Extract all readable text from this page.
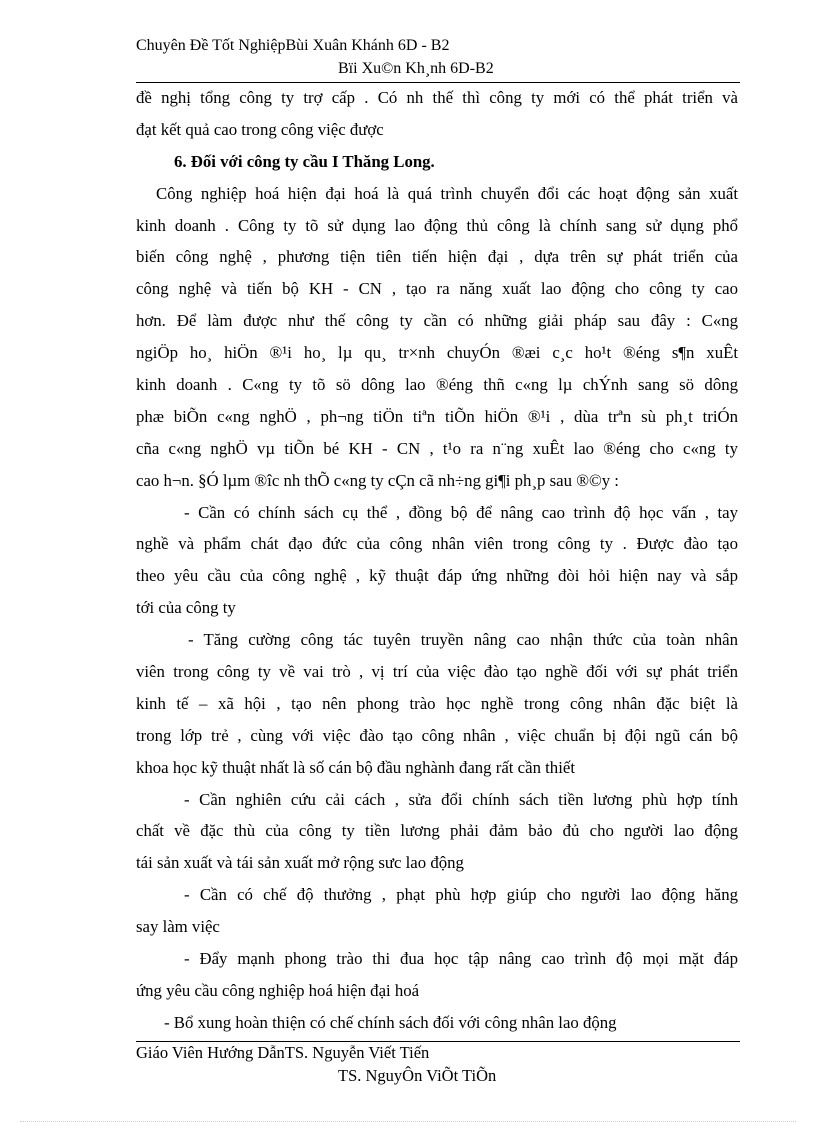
Chuyên Đề Tốt NghiệpBùi Xuân Khánh 6D - B2
Bïi Xu©n Kh¸nh 6D-B2
đề nghị tổng công ty trợ cấp . Có nh thế thì công ty mới có thể phát triển và
đạt kết quả cao trong công việc được
6. Đối với công ty cầu I Thăng Long.
Công nghiệp hoá hiện đại hoá là quá trình chuyển đổi các hoạt động sản xuất
kinh doanh . Công ty tõ sử dụng lao động thủ công là chính sang sử dụng phổ
biến công nghệ , phương tiện tiên tiến hiện đại , dựa trên sự phát triển của
công nghệ và tiến bộ KH - CN , tạo ra năng xuất lao động cho công ty cao
hơn. Để làm được như thế công ty cần có những giải pháp sau đây : C«ng
ngiÖp ho¸ hiÖn ®¹i ho¸ lµ qu¸ tr×nh chuyÓn ®æi c¸c ho¹t ®éng s¶n xuÊt
kinh doanh . C«ng ty tõ sö dông lao ®éng thñ c«ng lµ chÝnh sang sö dông
phæ biÕn c«ng nghÖ , ph¬ng tiÖn tiªn tiÕn hiÖn ®¹i , dùa trªn sù ph¸t triÓn
cña c«ng nghÖ vµ tiÕn bé KH - CN , t¹o ra n¨ng xuÊt lao ®éng cho c«ng ty
cao h¬n. §Ó lµm ®îc nh thÕ c«ng ty cÇn cã nh÷ng gi¶i ph¸p sau ®©y :
- Cần có chính sách cụ thể , đồng bộ để nâng cao trình độ học vấn , tay
nghề và phẩm chát đạo đức của công nhân viên trong công ty . Được đào tạo
theo yêu cầu của công nghệ , kỹ thuật đáp ứng những đòi hỏi hiện nay và sắp
tới của công ty
- Tăng cường công tác tuyên truyền nâng cao nhận thức của toàn nhân
viên trong công ty về vai trò , vị trí của việc đào tạo nghề đối với sự phát triển
kinh tế – xã hội , tạo nên phong trào học nghề trong công nhân đặc biệt là
trong lớp trẻ , cùng với việc đào tạo công nhân , việc chuẩn bị đội ngũ cán bộ
khoa học kỹ thuật nhất là số cán bộ đầu nghành đang rất cần thiết
- Cần nghiên cứu cải cách , sửa đổi chính sách tiền lương phù hợp tính
chất về đặc thù của công ty tiền lương phải đảm bảo đủ cho người lao động
tái sản xuất và tái sản xuất mở rộng sưc lao động
- Cần có chế độ thưởng , phạt phù hợp giúp cho người lao động hăng
say làm việc
- Đẩy mạnh phong trào thi đua học tập nâng cao trình độ mọi mặt đáp
ứng yêu cầu công nghiệp hoá hiện đại hoá
- Bổ xung hoàn thiện có chế chính sách đối với công nhân lao động
Giáo Viên Hướng DẫnTS. Nguyễn Viết Tiến
TS. NguyÔn ViÕt TiÕn
